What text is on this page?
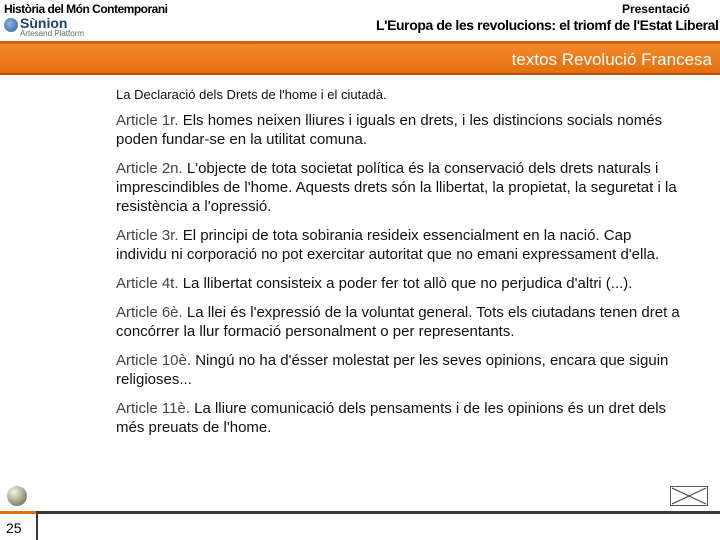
Història del Món Contemporani	Presentació
Sùnion
Artesand Platform
L'Europa de les revolucions: el triomf de l'Estat Liberal
textos Revolució Francesa

La Declaració dels Drets de l'home i el ciutadà.

Article 1r. Els homes neixen lliures i iguals en drets, i les distincions socials només poden fundar-se en la utilitat comuna.

Article 2n. L'objecte de tota societat política és la conservació dels drets naturals i imprescindibles de l'home. Aquests drets són la llibertat, la propietat, la seguretat i la resistència a l'opressió.

Article 3r. El principi de tota sobirania resideix essencialment en la nació. Cap individu ni corporació no pot exercitar autoritat que no emani expressament d'ella.

Article 4t. La llibertat consisteix a poder fer tot allò que no perjudica d'altri (...).

Article 6è. La llei és l'expressió de la voluntat general. Tots els ciutadans tenen dret a concórrer la llur formació personalment o per representants.

Article 10è. Ningú no ha d'ésser molestat per les seves opinions, encara que siguin religioses...

Article 11è. La lliure comunicació dels pensaments i de les opinions és un dret dels més preuats de l'home.

25
